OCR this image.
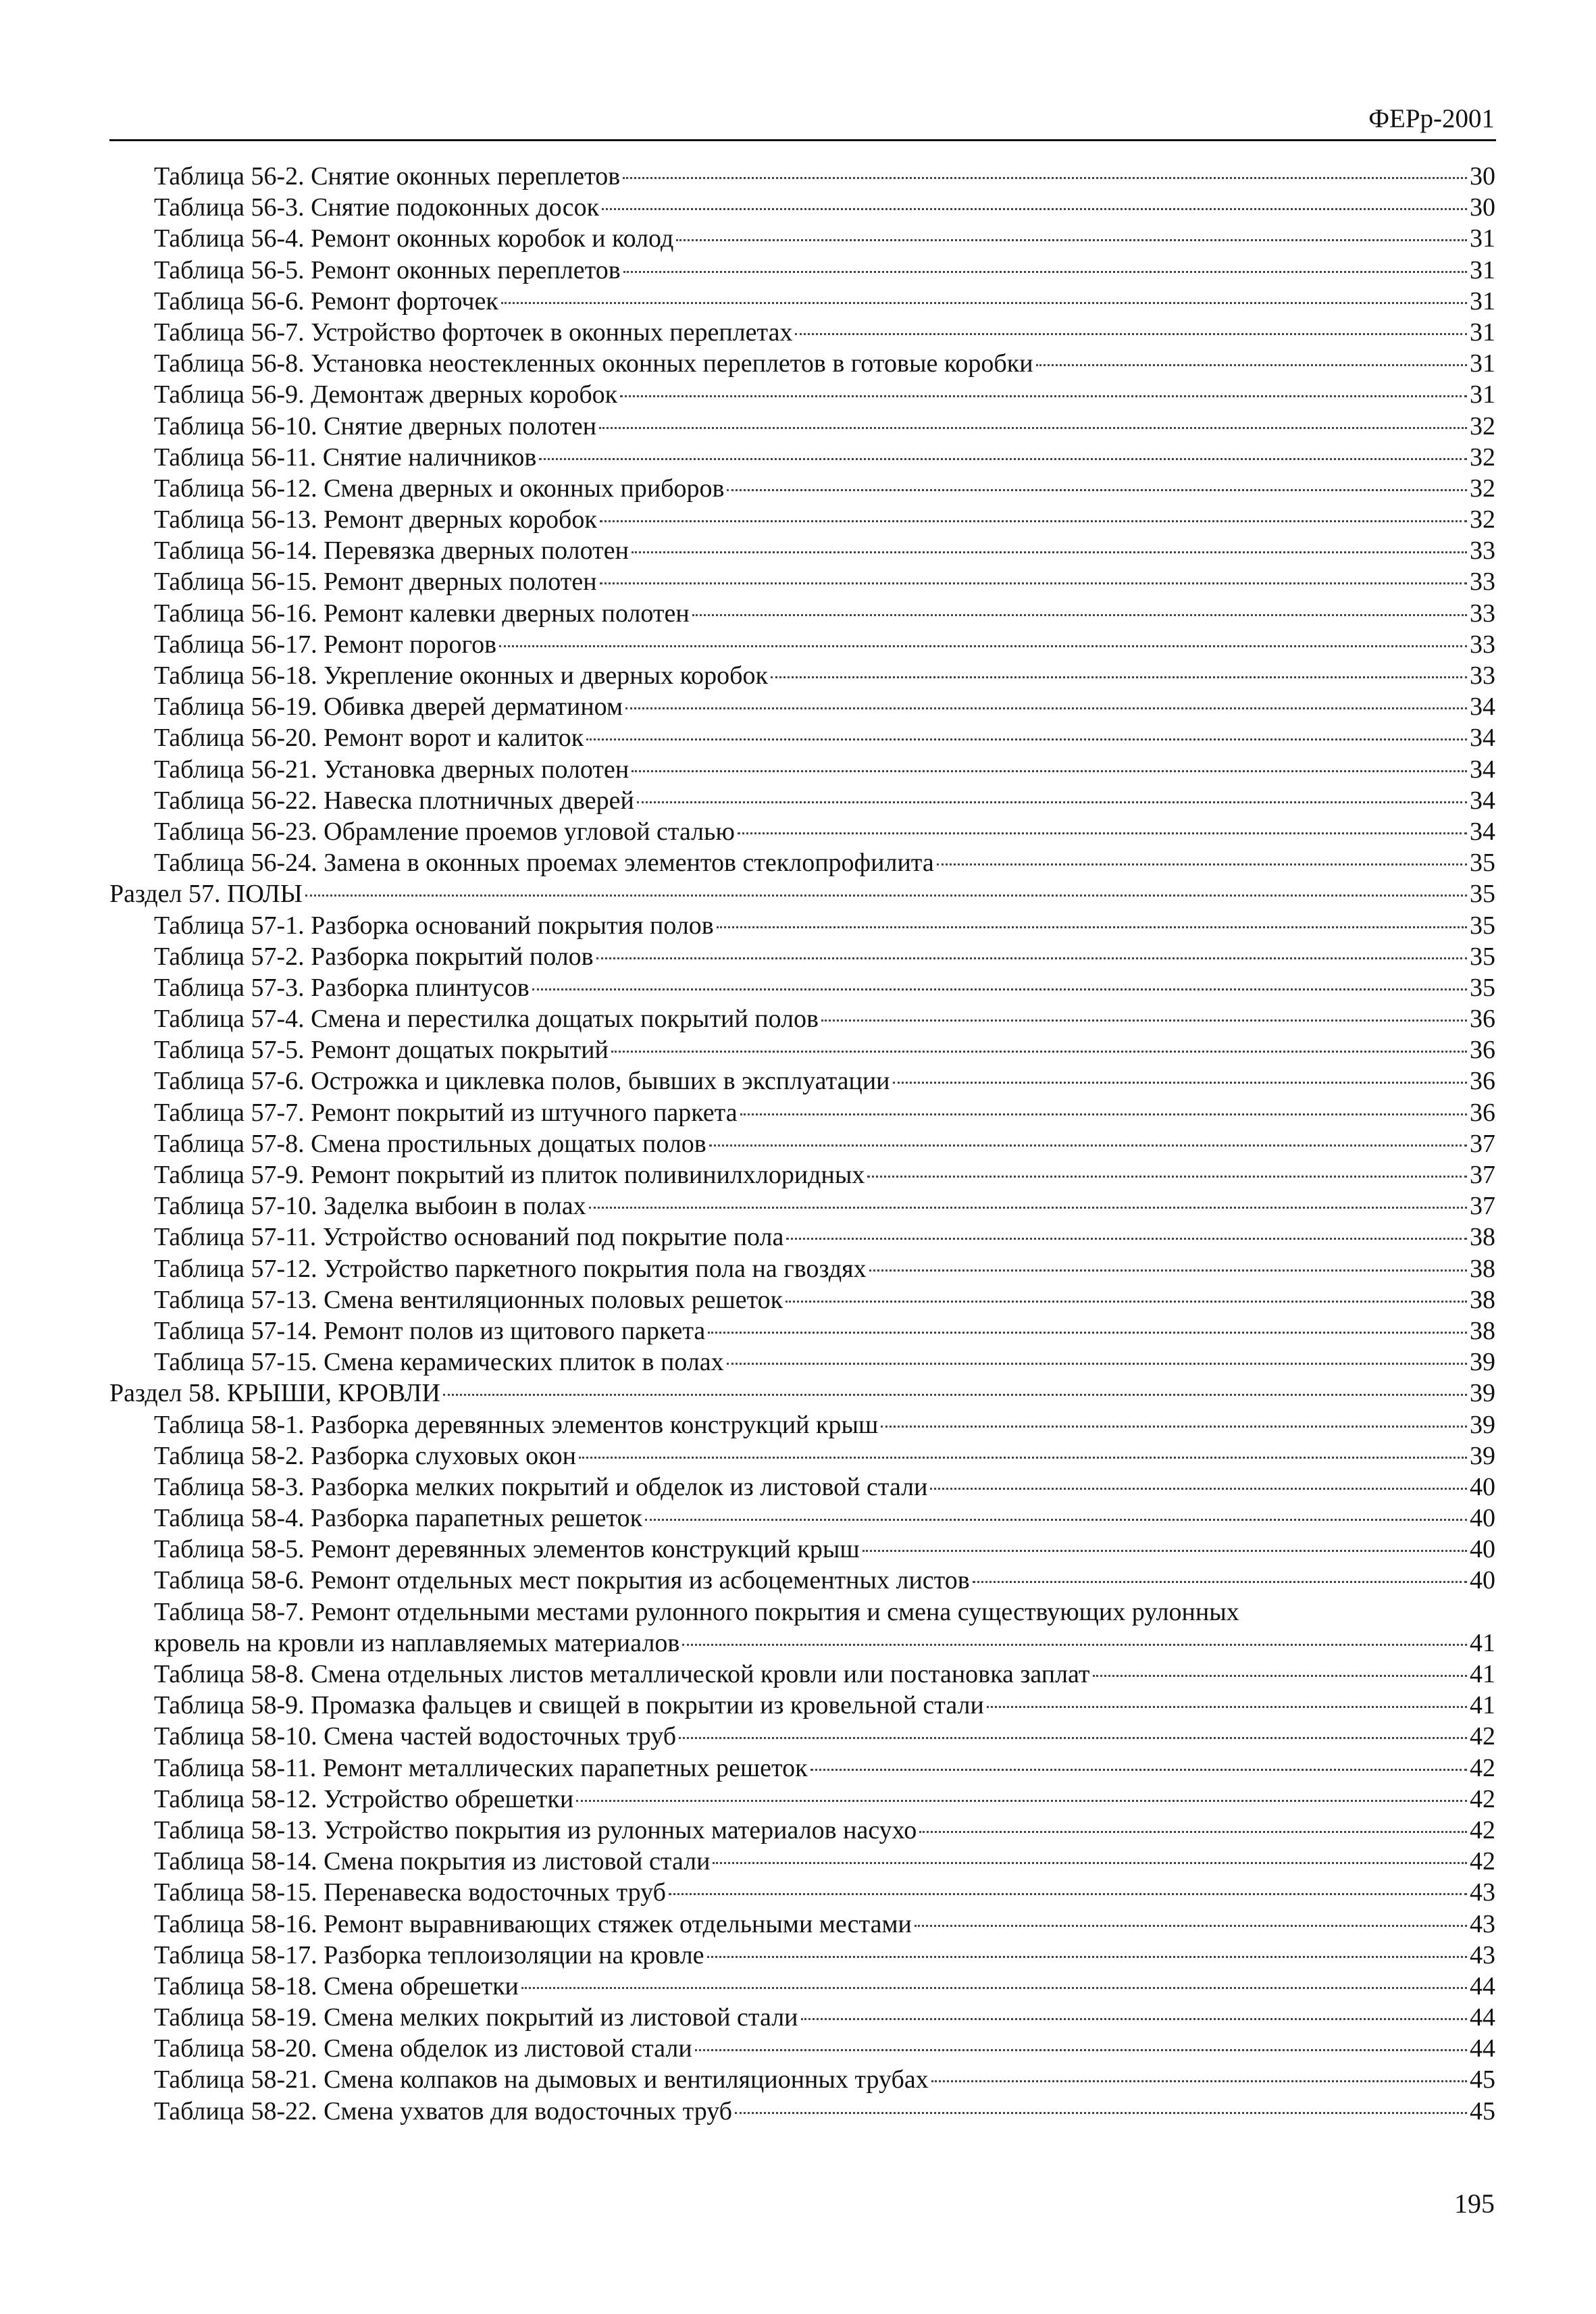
ФЕРр-2001
Таблица 56-2. Снятие оконных переплетов	30
Таблица 56-3. Снятие подоконных досок	30
Таблица 56-4. Ремонт оконных коробок и колод	31
Таблица 56-5. Ремонт оконных переплетов	31
Таблица 56-6. Ремонт форточек	31
Таблица 56-7. Устройство форточек в оконных переплетах	31
Таблица 56-8. Установка неостекленных оконных переплетов в готовые коробки	31
Таблица 56-9. Демонтаж дверных коробок	31
Таблица 56-10. Снятие дверных полотен	32
Таблица 56-11. Снятие наличников	32
Таблица 56-12. Смена дверных и оконных приборов	32
Таблица 56-13. Ремонт дверных коробок	32
Таблица 56-14. Перевязка дверных полотен	33
Таблица 56-15. Ремонт дверных полотен	33
Таблица 56-16. Ремонт калевки дверных полотен	33
Таблица 56-17. Ремонт порогов	33
Таблица 56-18. Укрепление оконных и дверных коробок	33
Таблица 56-19. Обивка дверей дерматином	34
Таблица 56-20. Ремонт ворот и калиток	34
Таблица 56-21. Установка дверных полотен	34
Таблица 56-22. Навеска плотничных дверей	34
Таблица 56-23. Обрамление проемов угловой сталью	34
Таблица 56-24. Замена в оконных проемах элементов стеклопрофилита	35
Раздел 57. ПОЛЫ	35
Таблица 57-1. Разборка оснований покрытия полов	35
Таблица 57-2. Разборка покрытий полов	35
Таблица 57-3. Разборка плинтусов	35
Таблица 57-4. Смена и перестилка дощатых покрытий полов	36
Таблица 57-5. Ремонт дощатых покрытий	36
Таблица 57-6. Острожка и циклевка полов, бывших в эксплуатации	36
Таблица 57-7. Ремонт покрытий из штучного паркета	36
Таблица 57-8. Смена простильных дощатых полов	37
Таблица 57-9. Ремонт покрытий из плиток поливинилхлоридных	37
Таблица 57-10. Заделка выбоин в полах	37
Таблица 57-11. Устройство оснований под покрытие пола	38
Таблица 57-12. Устройство паркетного покрытия пола на гвоздях	38
Таблица 57-13. Смена вентиляционных половых решеток	38
Таблица 57-14. Ремонт полов из щитового паркета	38
Таблица 57-15. Смена керамических плиток в полах	39
Раздел 58. КРЫШИ, КРОВЛИ	39
Таблица 58-1. Разборка деревянных элементов конструкций крыш	39
Таблица 58-2. Разборка слуховых окон	39
Таблица 58-3. Разборка мелких покрытий и обделок из листовой стали	40
Таблица 58-4. Разборка парапетных решеток	40
Таблица 58-5. Ремонт деревянных элементов конструкций крыш	40
Таблица 58-6. Ремонт отдельных мест покрытия из асбоцементных листов	40
Таблица 58-7. Ремонт отдельными местами рулонного покрытия и смена существующих рулонных
кровель на кровли из наплавляемых материалов	41
Таблица 58-8. Смена отдельных листов металлической кровли или постановка заплат	41
Таблица 58-9. Промазка фальцев и свищей в покрытии из кровельной стали	41
Таблица 58-10. Смена частей водосточных труб	42
Таблица 58-11. Ремонт металлических парапетных решеток	42
Таблица 58-12. Устройство обрешетки	42
Таблица 58-13. Устройство покрытия из рулонных материалов насухо	42
Таблица 58-14. Смена покрытия из листовой стали	42
Таблица 58-15. Перенавеска водосточных труб	43
Таблица 58-16. Ремонт выравнивающих стяжек отдельными местами	43
Таблица 58-17. Разборка теплоизоляции на кровле	43
Таблица 58-18. Смена обрешетки	44
Таблица 58-19. Смена мелких покрытий из листовой стали	44
Таблица 58-20. Смена обделок из листовой стали	44
Таблица 58-21. Смена колпаков на дымовых и вентиляционных трубах	45
Таблица 58-22. Смена ухватов для водосточных труб	45
195
